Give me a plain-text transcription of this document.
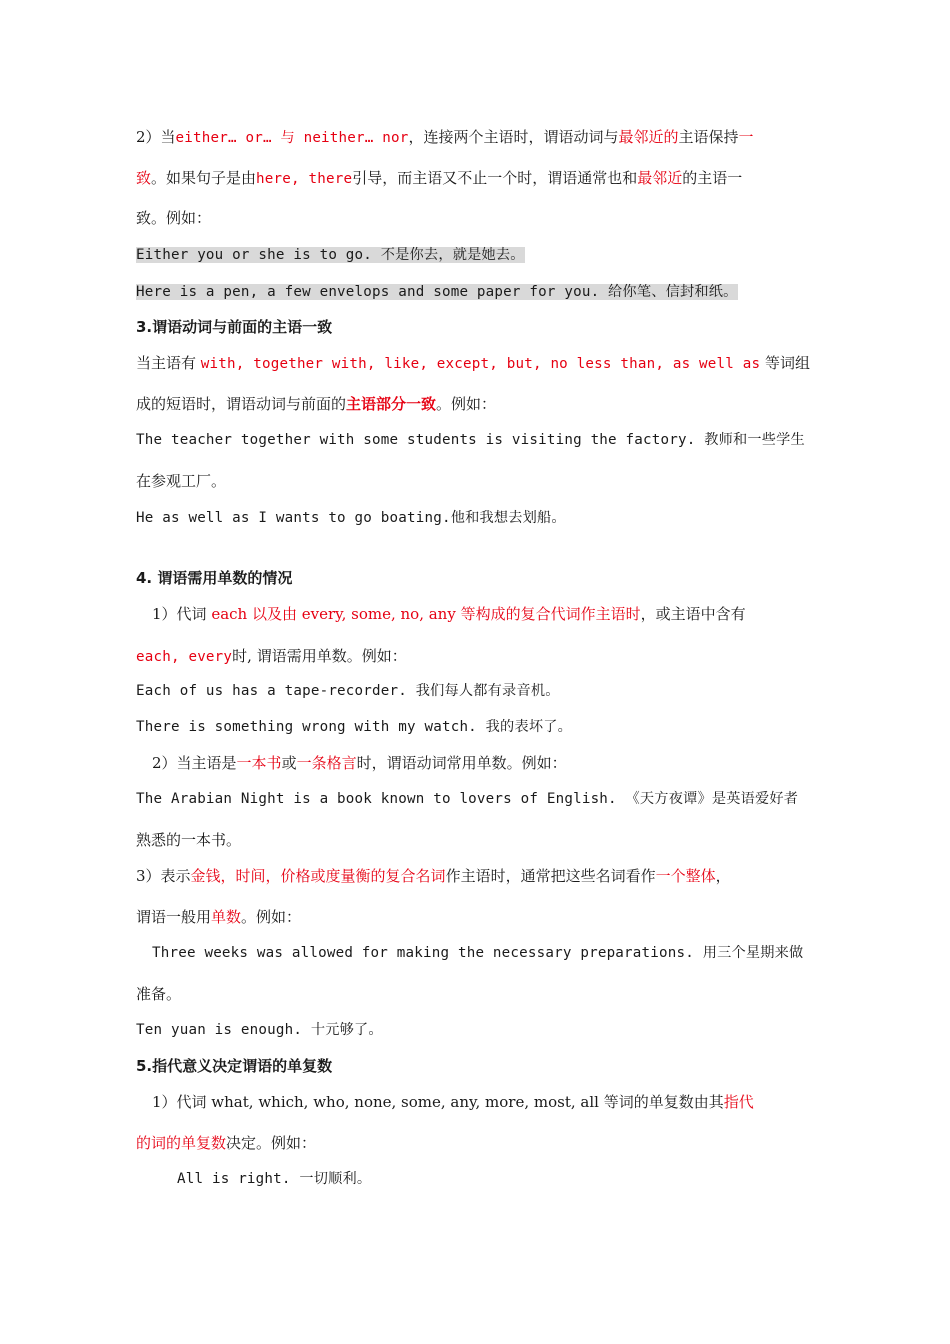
2）当either… or… 与 neither… nor，连接两个主语时，谓语动词与最邻近的主语保持一
致。如果句子是由here, there引导，而主语又不止一个时，谓语通常也和最邻近的主语一
致。例如：
Either you or she is to go. 不是你去，就是她去。
Here is a pen, a few envelops and some paper for you. 给你笔、信封和纸。
3.谓语动词与前面的主语一致
当主语有 with, together with, like, except, but, no less than, as well as 等词组
成的短语时，谓语动词与前面的主语部分一致。例如：
The teacher together with some students is visiting the factory. 教师和一些学生
在参观工厂。
He as well as I wants to go boating.他和我想去划船。
4. 谓语需用单数的情况
1）代词 each 以及由 every, some, no, any 等构成的复合代词作主语时，或主语中含有
each, every时, 谓语需用单数。例如：
Each of us has a tape-recorder. 我们每人都有录音机。
There is something wrong with my watch. 我的表坏了。
2）当主语是一本书或一条格言时，谓语动词常用单数。例如：
The Arabian Night is a book known to lovers of English. 《天方夜谭》是英语爱好者
熟悉的一本书。
3）表示金钱，时间，价格或度量衡的复合名词作主语时，通常把这些名词看作一个整体，
谓语一般用单数。例如：
Three weeks was allowed for making the necessary preparations. 用三个星期来做
准备。
Ten yuan is enough. 十元够了。
5.指代意义决定谓语的单复数
1）代词 what, which, who, none, some, any, more, most, all 等词的单复数由其指代
的词的单复数决定。例如：
All is right. 一切顺利。
